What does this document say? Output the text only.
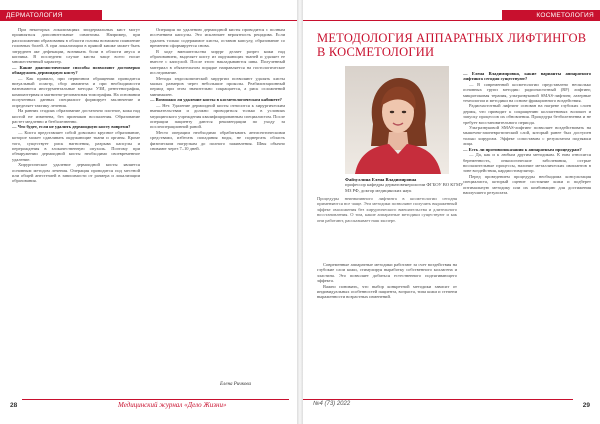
ДЕРМАТОЛОГИЯ

При некоторых локализациях эпидермальных кист могут проявляться дополнительные симптомы. Например, при расположении образования в области головы возможно появление головных болей. А при локализации в прямой кишке может быть затруднен акт дефекации, возникать боли в области ануса и копчика. В последнем случае кисты чаще всего носят множественный характер.

— Какие диагностические способы позволяют достоверно обнаружить дермоидную кисту?

— Как правило, при первичном обращении проводится визуальный осмотр, сбор анамнеза и при необходимости назначаются инструментальные методы: УЗИ, рентгенография, компьютерная и магнитно-резонансная томография. На основании полученных данных специалист формирует заключение и определяет тактику лечения.

На ранних стадиях образование достаточно плотное, кожа над кистой не изменена, без признаков воспаления. Образование растет медленно и безболезненно.

— Что будет, если не удалить дермоидную кисту вовремя?

— Киста представляет собой довольно крупное образование, которое может сдавливать окружающие ткани и органы. Кроме того, существует риск нагноения, разрыва капсулы и перерождения в злокачественную опухоль. Поэтому при обнаружении дермоидной кисты необходимо своевременное удаление.

Хирургическое удаление дермоидной кисты является основным методом лечения. Операция проводится под местной или общей анестезией в зависимости от размера и локализации образования.

Операция по удалению дермоидной кисты проводится с полным иссечением капсулы. Это исключает вероятность рецидива. Если удалить только содержимое кисты, оставив капсулу, образование со временем сформируется снова.

В ходе вмешательства хирург делает разрез кожи над образованием, выделяет кисту из окружающих тканей и удаляет ее вместе с капсулой. После этого накладываются швы. Полученный материал в обязательном порядке направляется на гистологическое исследование.

Методы эндоскопической хирургии позволяют удалять кисты малых размеров через небольшие проколы. Реабилитационный период при этом значительно сокращается, а риск осложнений минимален.

— Возможно ли удаление кисты в косметологическом кабинете?

— Нет. Удаление дермоидной кисты относится к хирургическим вмешательствам и должно проводиться только в условиях медицинского учреждения квалифицированным специалистом. После операции пациенту даются рекомендации по уходу за послеоперационной раной.

Место операции необходимо обрабатывать антисептическими средствами, избегать попадания воды, не подвергать область физическим нагрузкам до полного заживления. Швы обычно снимают через 7–10 дней.

Елена Ричкова
28	Медицинский журнал «Дело Жизни»
КОСМЕТОЛОГИЯ
МЕТОДОЛОГИЯ АППАРАТНЫХ ЛИФТИНГОВ В КОСМЕТОЛОГИИ
Файзуллина Елена Владимировна
профессор кафедры дерматовенерологии ФГБОУ ВО КГМУ МЗ РФ, доктор медицинских наук
Процедуры неинвазивного лифтинга в косметологии сегодня применяются все чаще. Эти методики позволяют получить выраженный эффект омоложения без хирургического вмешательства и длительного восстановления. О том, какие аппаратные методики существуют и как они работают, рассказывает наш эксперт.

Современные аппаратные методики работают за счет воздействия на глубокие слои кожи, стимулируя выработку собственного коллагена и эластина. Это позволяет добиться естественного подтягивающего эффекта.

Важно понимать, что выбор конкретной методики зависит от индивидуальных особенностей пациента, возраста, типа кожи и степени выраженности возрастных изменений.

— Елена Владимировна, какие варианты аппаратного лифтинга сегодня существуют?

— В современной косметологии представлено несколько основных групп методик: радиочастотный (RF) лифтинг, микротоковая терапия, ультразвуковой SMAS-лифтинг, лазерные технологии и методики на основе фракционного воздействия.

Радиочастотный лифтинг основан на нагреве глубоких слоев дермы, что приводит к сокращению коллагеновых волокон и запуску процессов их обновления. Процедура безболезненна и не требует восстановительного периода.

Ультразвуковой SMAS-лифтинг позволяет воздействовать на мышечно-апоневротический слой, который ранее был доступен только хирургам. Эффект сопоставим с результатом подтяжки лица.

— Есть ли противопоказания к аппаратным процедурам?

— Да, как и к любым другим методикам. К ним относятся беременность, онкологические заболевания, острые воспалительные процессы, наличие металлических имплантов в зоне воздействия, кардиостимулятор.

Перед проведением процедуры необходима консультация специалиста, который оценит состояние кожи и подберет оптимальную методику или их комбинацию для достижения наилучшего результата.

№4 (73) 2022	29
